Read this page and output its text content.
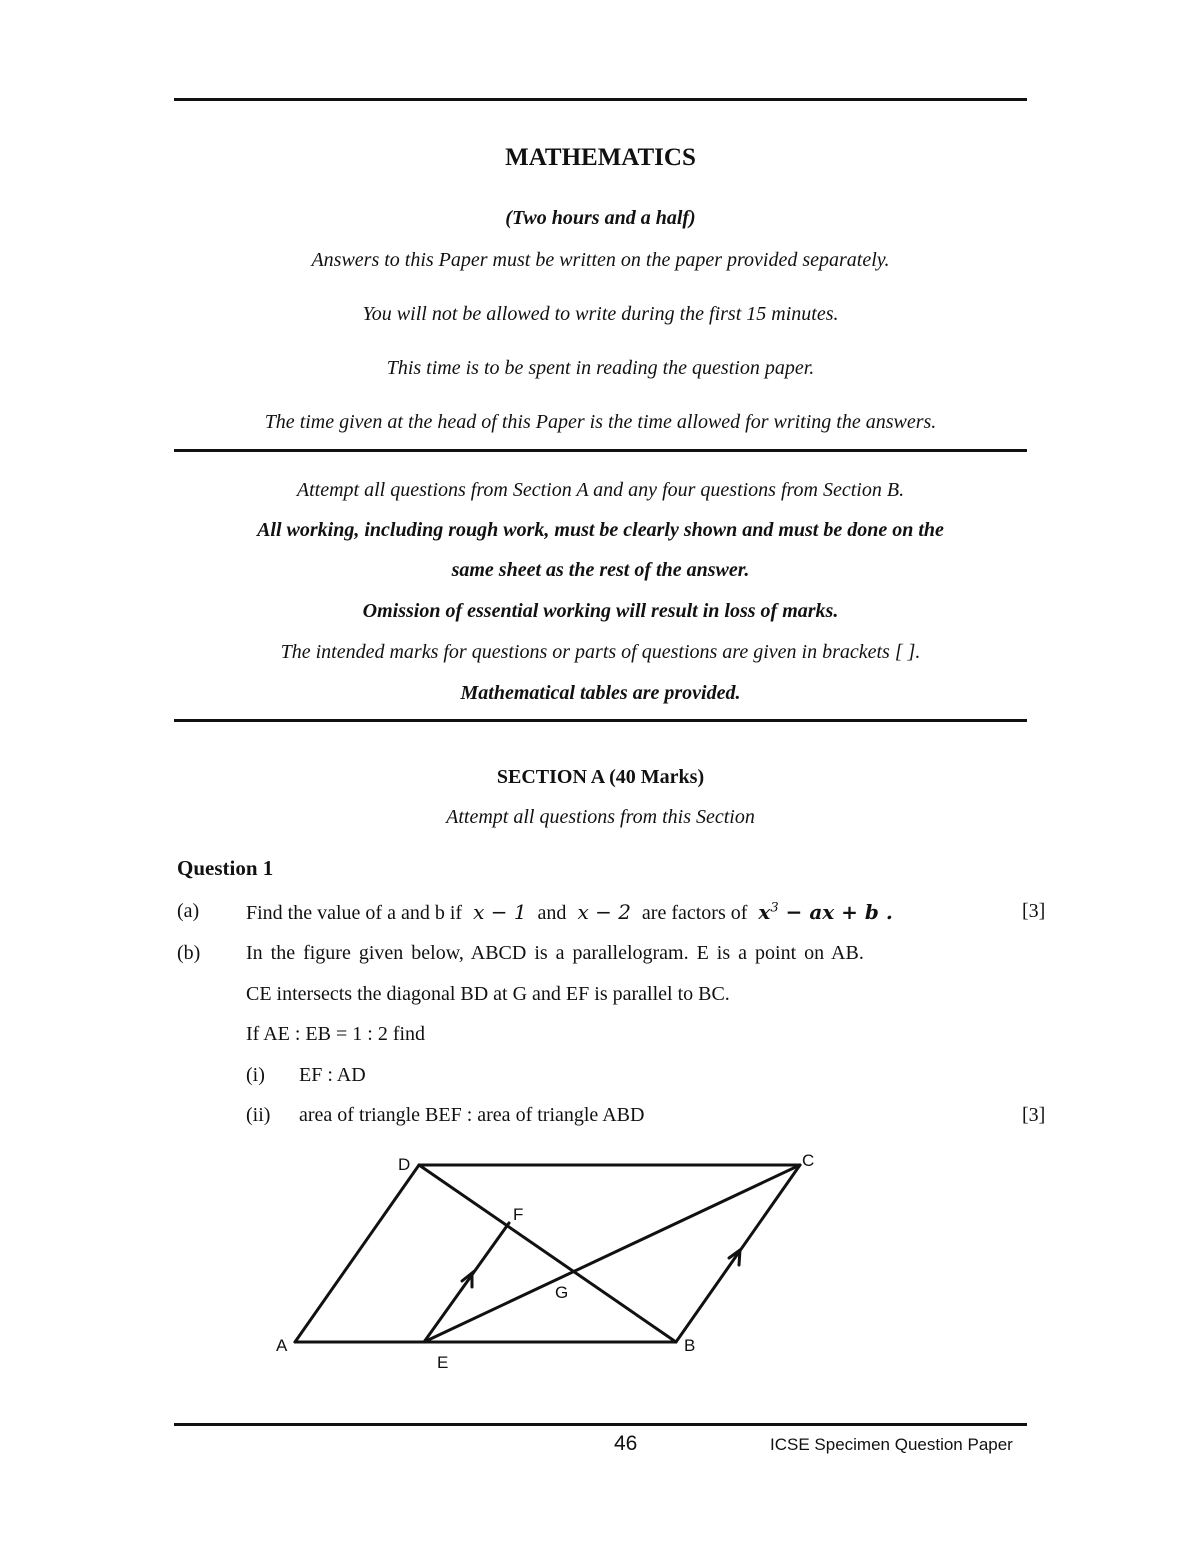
MATHEMATICS
(Two hours and a half)
Answers to this Paper must be written on the paper provided separately.
You will not be allowed to write during the first 15 minutes.
This time is to be spent in reading the question paper.
The time given at the head of this Paper is the time allowed for writing the answers.
Attempt all questions from Section A and any four questions from Section B.
All working, including rough work, must be clearly shown and must be done on the
same sheet as the rest of the answer.
Omission of essential working will result in loss of marks.
The intended marks for questions or parts of questions are given in brackets [ ].
Mathematical tables are provided.
SECTION A (40 Marks)
Attempt all questions from this Section
Question 1
(a) Find the value of a and b if x − 1 and x − 2 are factors of $x^3$ − ax + b .	[3]
(b) In the figure given below, ABCD is a parallelogram. E is a point on AB.
CE intersects the diagonal BD at G and EF is parallel to BC.
If AE : EB = 1 : 2 find
(i) EF : AD
(ii) area of triangle BEF : area of triangle ABD	[3]
A	B
C
D
E
F
G
46	ICSE Specimen Question Paper
